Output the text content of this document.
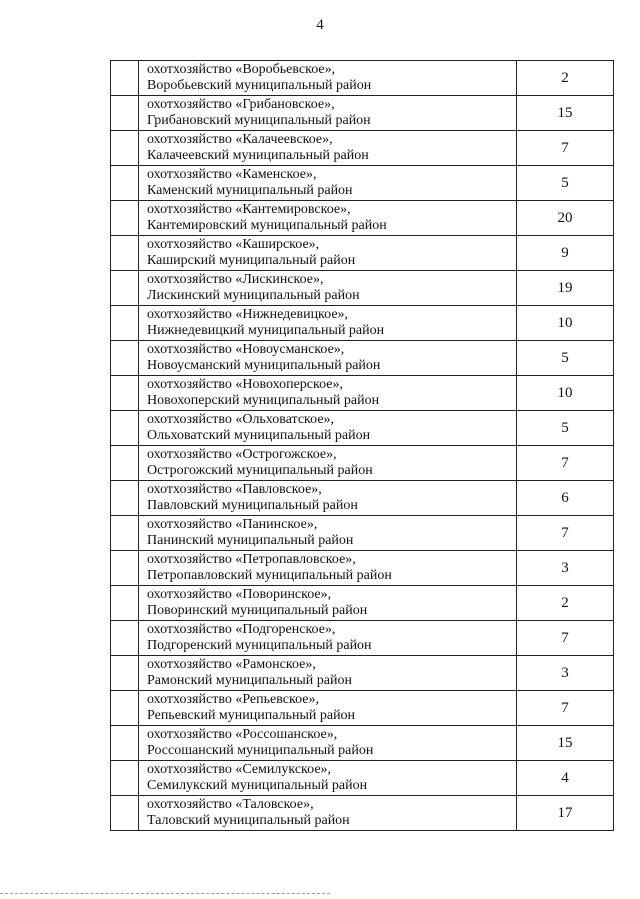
4

	охотхозяйство «Воробьевское»,
Воробьевский муниципальный район	2

	охотхозяйство «Грибановское»,
Грибановский муниципальный район	15

	охотхозяйство «Калачеевское»,
Калачеевский муниципальный район	7

	охотхозяйство «Каменское»,
Каменский муниципальный район	5

	охотхозяйство «Кантемировское»,
Кантемировский муниципальный район	20

	охотхозяйство «Каширское»,
Каширский муниципальный район	9

	охотхозяйство «Лискинское»,
Лискинский муниципальный район	19

	охотхозяйство «Нижнедевицкое»,
Нижнедевицкий муниципальный район	10

	охотхозяйство «Новоусманское»,
Новоусманский муниципальный район	5

	охотхозяйство «Новохоперское»,
Новохоперский муниципальный район	10

	охотхозяйство «Ольховатское»,
Ольховатский муниципальный район	5

	охотхозяйство «Острогожское»,
Острогожский муниципальный район	7

	охотхозяйство «Павловское»,
Павловский муниципальный район	6

	охотхозяйство «Панинское»,
Панинский муниципальный район	7

	охотхозяйство «Петропавловское»,
Петропавловский муниципальный район	3

	охотхозяйство «Поворинское»,
Поворинский муниципальный район	2

	охотхозяйство «Подгоренское»,
Подгоренский муниципальный район	7

	охотхозяйство «Рамонское»,
Рамонский муниципальный район	3

	охотхозяйство «Репьевское»,
Репьевский муниципальный район	7

	охотхозяйство «Россошанское»,
Россошанский муниципальный район	15

	охотхозяйство «Семилукское»,
Семилукский муниципальный район	4

	охотхозяйство «Таловское»,
Таловский муниципальный район	17
